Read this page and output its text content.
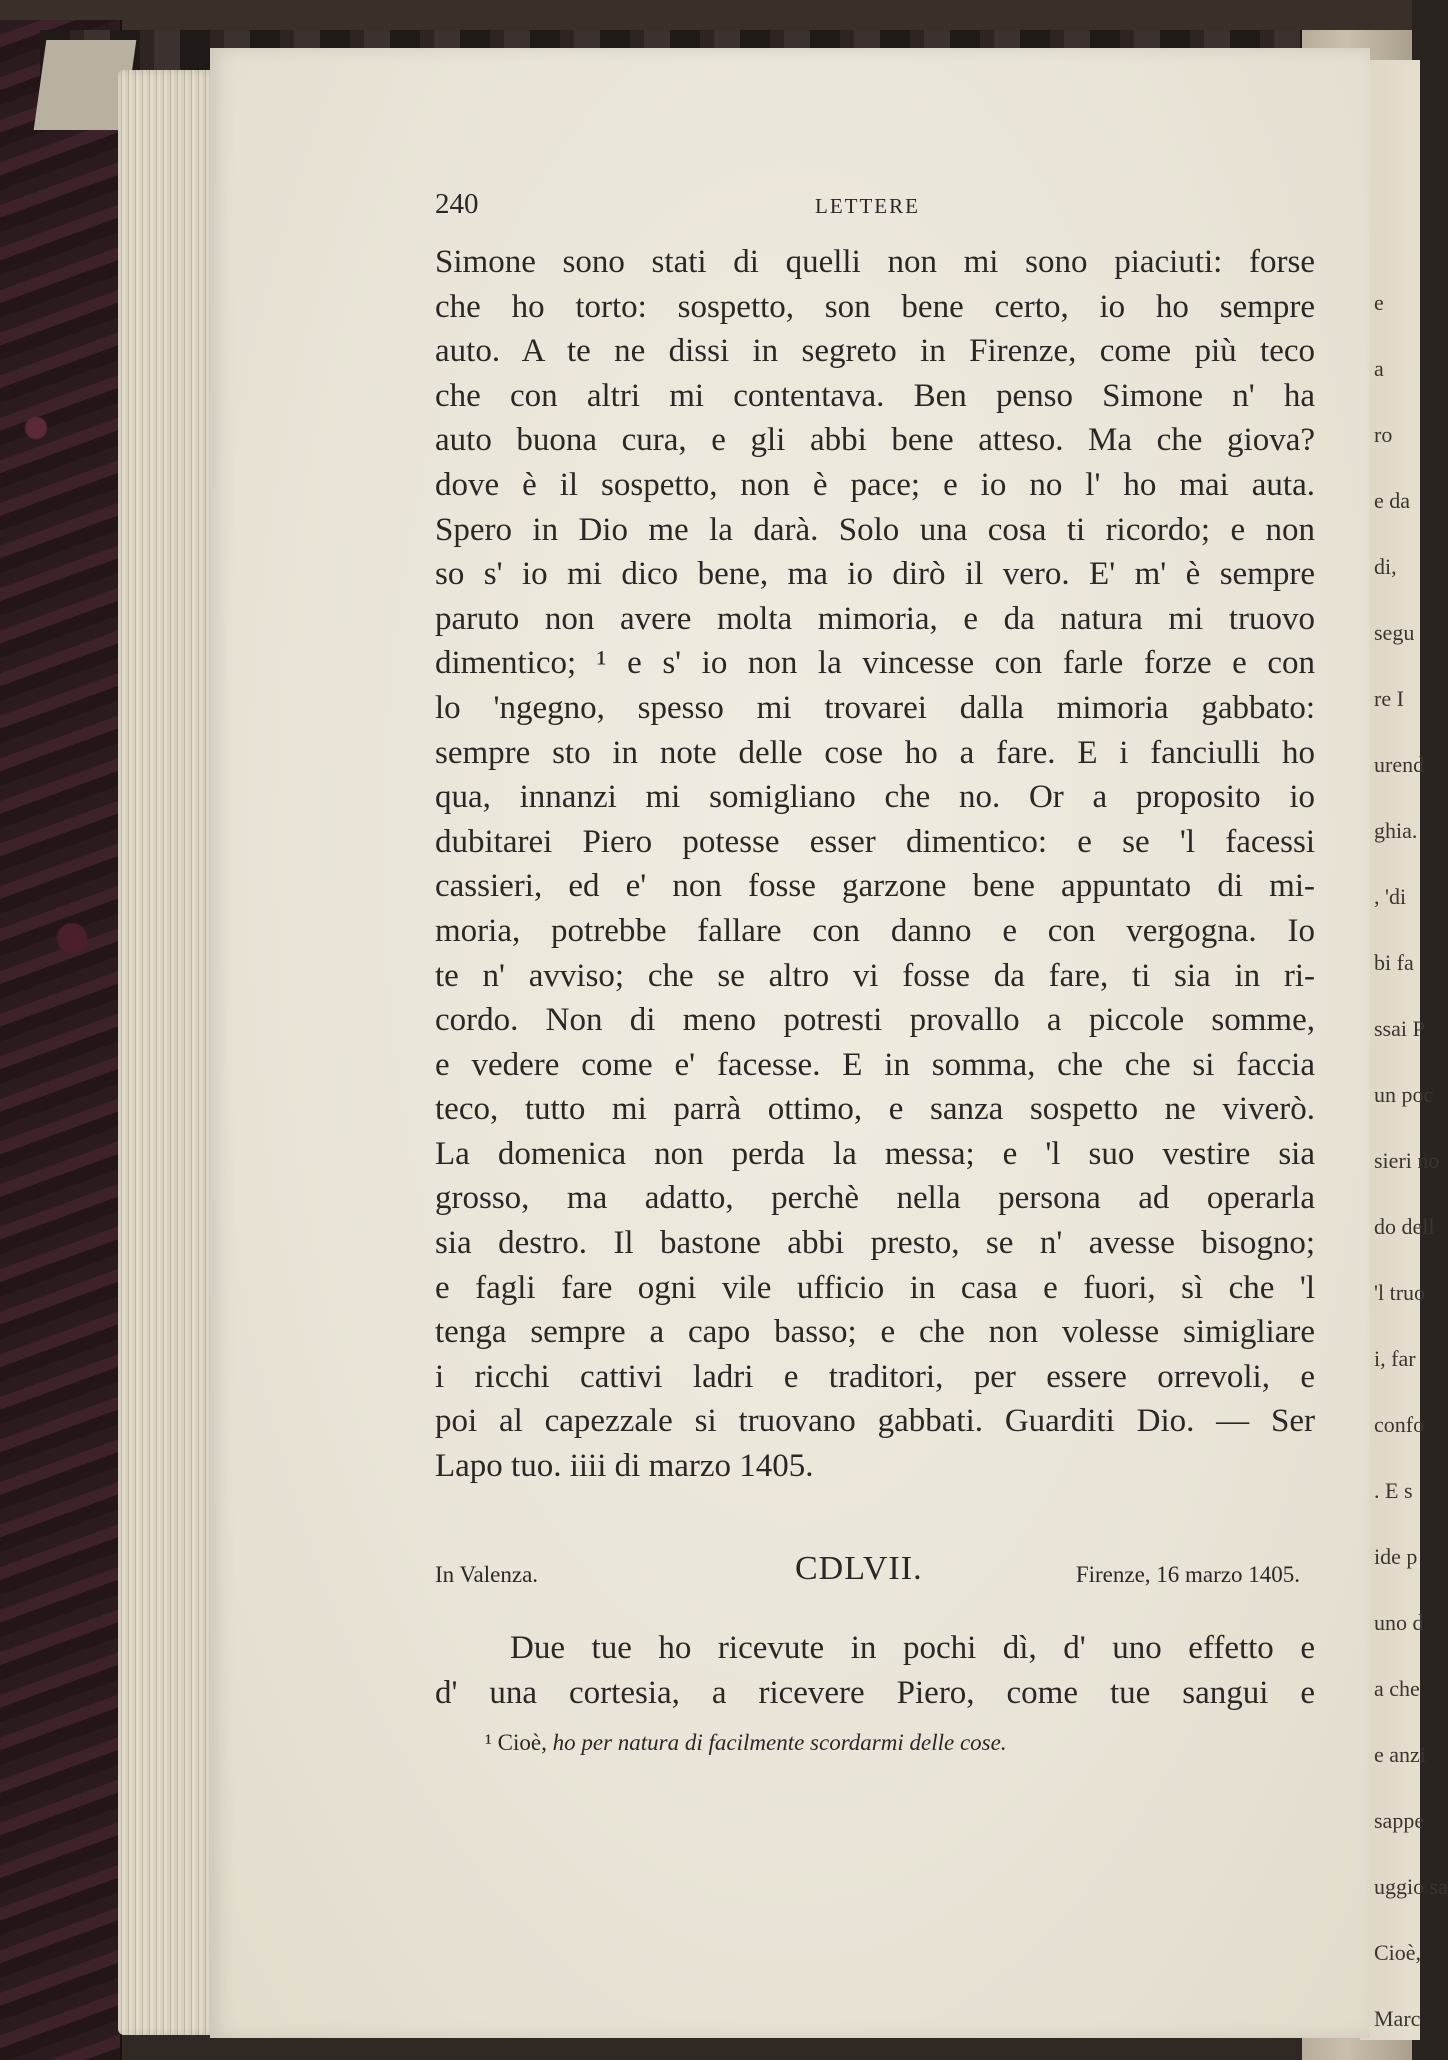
e
a
ro
e da
di,
segu
re I
urend
ghia.
, 'di
bi fa
ssai P
un poc
sieri no
do dell
'l truo
i, far
confo
. E s
ide p
uno d
a che
e anzi
sappe
uggio sa
Cioè,
Marc
240	LETTERE
Simone sono stati di quelli non mi sono piaciuti: forse
che ho torto: sospetto, son bene certo, io ho sempre
auto. A te ne dissi in segreto in Firenze, come più teco
che con altri mi contentava. Ben penso Simone n' ha
auto buona cura, e gli abbi bene atteso. Ma che giova?
dove è il sospetto, non è pace; e io no l' ho mai auta.
Spero in Dio me la darà. Solo una cosa ti ricordo; e non
so s' io mi dico bene, ma io dirò il vero. E' m' è sempre
paruto non avere molta mimoria, e da natura mi truovo
dimentico; ¹ e s' io non la vincesse con farle forze e con
lo 'ngegno, spesso mi trovarei dalla mimoria gabbato:
sempre sto in note delle cose ho a fare. E i fanciulli ho
qua, innanzi mi somigliano che no. Or a proposito io
dubitarei Piero potesse esser dimentico: e se 'l facessi
cassieri, ed e' non fosse garzone bene appuntato di mi-
moria, potrebbe fallare con danno e con vergogna. Io
te n' avviso; che se altro vi fosse da fare, ti sia in ri-
cordo. Non di meno potresti provallo a piccole somme,
e vedere come e' facesse. E in somma, che che si faccia
teco, tutto mi parrà ottimo, e sanza sospetto ne viverò.
La domenica non perda la messa; e 'l suo vestire sia
grosso, ma adatto, perchè nella persona ad operarla
sia destro. Il bastone abbi presto, se n' avesse bisogno;
e fagli fare ogni vile ufficio in casa e fuori, sì che 'l
tenga sempre a capo basso; e che non volesse simigliare
i ricchi cattivi ladri e traditori, per essere orrevoli, e
poi al capezzale si truovano gabbati. Guarditi Dio. — Ser
Lapo tuo. iiii di marzo 1405.
In Valenza.	CDLVII.	Firenze, 16 marzo 1405.
Due tue ho ricevute in pochi dì, d' uno effetto e
d' una cortesia, a ricevere Piero, come tue sangui e
¹ Cioè, ho per natura di facilmente scordarmi delle cose.
